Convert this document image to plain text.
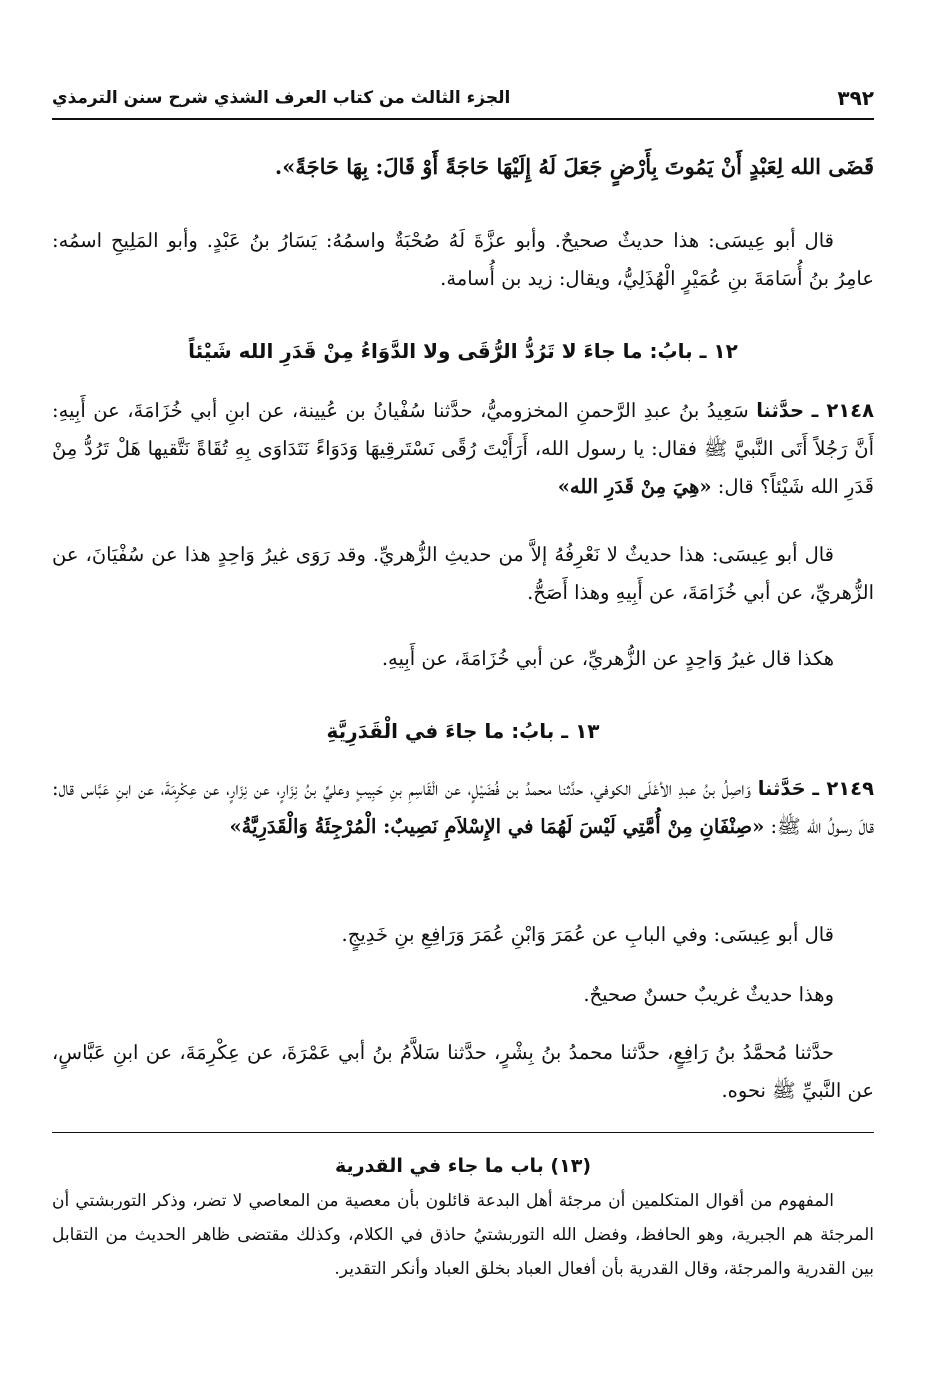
٣٩٢
الجزء الثالث من كتاب العرف الشذي شرح سنن الترمذي

قَضَى الله لِعَبْدٍ أَنْ يَمُوتَ بِأَرْضٍ جَعَلَ لَهُ إِلَيْهَا حَاجَةً أَوْ قَالَ: بِهَا حَاجَةً».

قال أبو عِيسَى: هذا حديثٌ صحيحٌ. وأبو عزَّةَ لَهُ صُحْبَةٌ واسمُهُ: يَسَارُ بنُ عَبْدٍ. وأبو المَلِيحِ اسمُه: عامِرُ بنُ أُسَامَةَ بنِ عُمَيْرٍ الْهُذَلِيُّ، ويقال: زيد بن أُسامة.

١٢ ـ بابُ: ما جاءَ لا تَرُدُّ الرُّقَى ولا الدَّوَاءُ مِنْ قَدَرِ الله شَيْئاً

٢١٤٨ ـ حدَّثنا سَعِيدُ بنُ عبدِ الرَّحمنِ المخزوميُّ، حدَّثنا سُفْيانُ بن عُيينة، عن ابنِ أبي خُزَامَةَ، عن أَبِيهِ: أَنَّ رَجُلاً أَتَى النَّبيَّ ﷺ فقال: يا رسول الله، أَرَأَيْتَ رُقًى نَسْتَرقِيهَا وَدَوَاءً نَتَدَاوَى بِهِ تُقَاةً نَتَّقيها هَلْ تَرُدُّ مِنْ قَدَرِ الله شَيْئاً؟ قال: «هِيَ مِنْ قَدَرِ الله»

قال أبو عِيسَى: هذا حديثٌ لا نَعْرِفُهُ إلاَّ من حديثِ الزُّهريِّ. وقد رَوَى غيرُ وَاحِدٍ هذا عن سُفْيَانَ، عن الزُّهريِّ، عن أبي خُزَامَةَ، عن أَبِيهِ وهذا أَصَحُّ.

هكذا قال غيرُ وَاحِدٍ عن الزُّهريِّ، عن أبي خُزَامَةَ، عن أَبِيهِ.

١٣ ـ بابُ: ما جاءَ في الْقَدَرِيَّةِ

٢١٤٩ ـ حَدَّثنا وَاصِلُ بنُ عبدِ الأعْلَى الكوفي، حدَّثنا محمدُ بن فُضَيْلٍ، عن الْقَاسِمِ بنِ حَبِيبٍ وعليِّ بنُ نِزَارٍ، عن نِزَارٍ، عن عِكْرِمَةَ، عن ابنِ عَبَّاس قال: قالَ رسولُ الله ﷺ: «صِنْفَانِ مِنْ أُمَّتِي لَيْسَ لَهُمَا في الإِسْلاَمِ نَصِيبٌ: الْمُرْجِئَةُ وَالْقَدَرِيَّةُ»

قال أبو عِيسَى: وفي البابِ عن عُمَرَ وَابْنِ عُمَرَ وَرَافِعِ بنِ خَدِيجٍ.

وهذا حديثٌ غريبٌ حسنٌ صحيحٌ.

حدَّثنا مُحمَّدُ بنُ رَافِعٍ، حدَّثنا محمدُ بنُ بِشْرٍ، حدَّثنا سَلاَّمُ بنُ أبي عَمْرَةَ، عن عِكْرِمَةَ، عن ابنِ عَبَّاسٍ، عن النَّبيِّ ﷺ نحوه.

(١٣) باب ما جاء في القدرية

المفهوم من أقوال المتكلمين أن مرجئة أهل البدعة قائلون بأن معصية من المعاصي لا تضر، وذكر التوربشتي أن المرجئة هم الجبرية، وهو الحافظ، وفضل الله التوربشتيُ حاذق في الكلام، وكذلك مقتضى ظاهر الحديث من التقابل بين القدرية والمرجئة، وقال القدرية بأن أفعال العباد بخلق العباد وأنكر التقدير.
